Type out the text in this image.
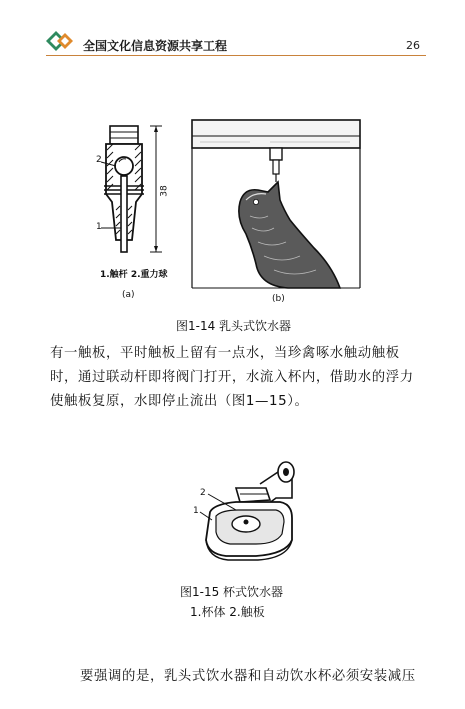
全国文化信息资源共享工程	26
2
1
38
1.触杆 2.重力球
(a)	(b)
图1-14 乳头式饮水器
有一触板，平时触板上留有一点水，当珍禽啄水触动触板
时，通过联动杆即将阀门打开，水流入杯内，借助水的浮力
使触板复原，水即停止流出（图1—15）。
2
1
图1-15 杯式饮水器
1.杯体 2.触板
要强调的是，乳头式饮水器和自动饮水杯必须安装减压
